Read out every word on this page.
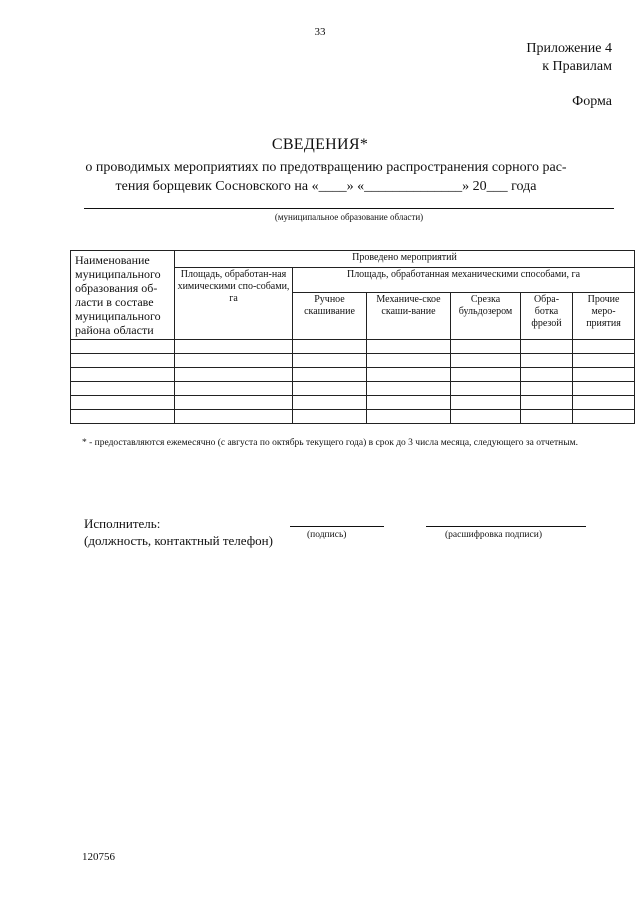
33
Приложение 4
к Правилам
Форма
СВЕДЕНИЯ*
о проводимых мероприятиях по предотвращению распространения сорного рас-
тения борщевик Сосновского на «____» «______________» 20___ года
(муниципальное образование области)
Наименование муниципального образования об-ласти в составе муниципального района области	Проведено мероприятий					
	Площадь, обработан-ная химическими спо-собами, га	Площадь, обработанная механическими способами, га				
		Ручное скашивание	Механиче-ское скаши-вание	Срезка бульдозером	Обра-ботка фрезой	Прочие меро-приятия

* - предоставляются ежемесячно (с августа по октябрь текущего года) в срок до 3 числа месяца, следующего за отчетным.
Исполнитель:
(должность, контактный телефон)	(подпись)	(расшифровка подписи)
120756
